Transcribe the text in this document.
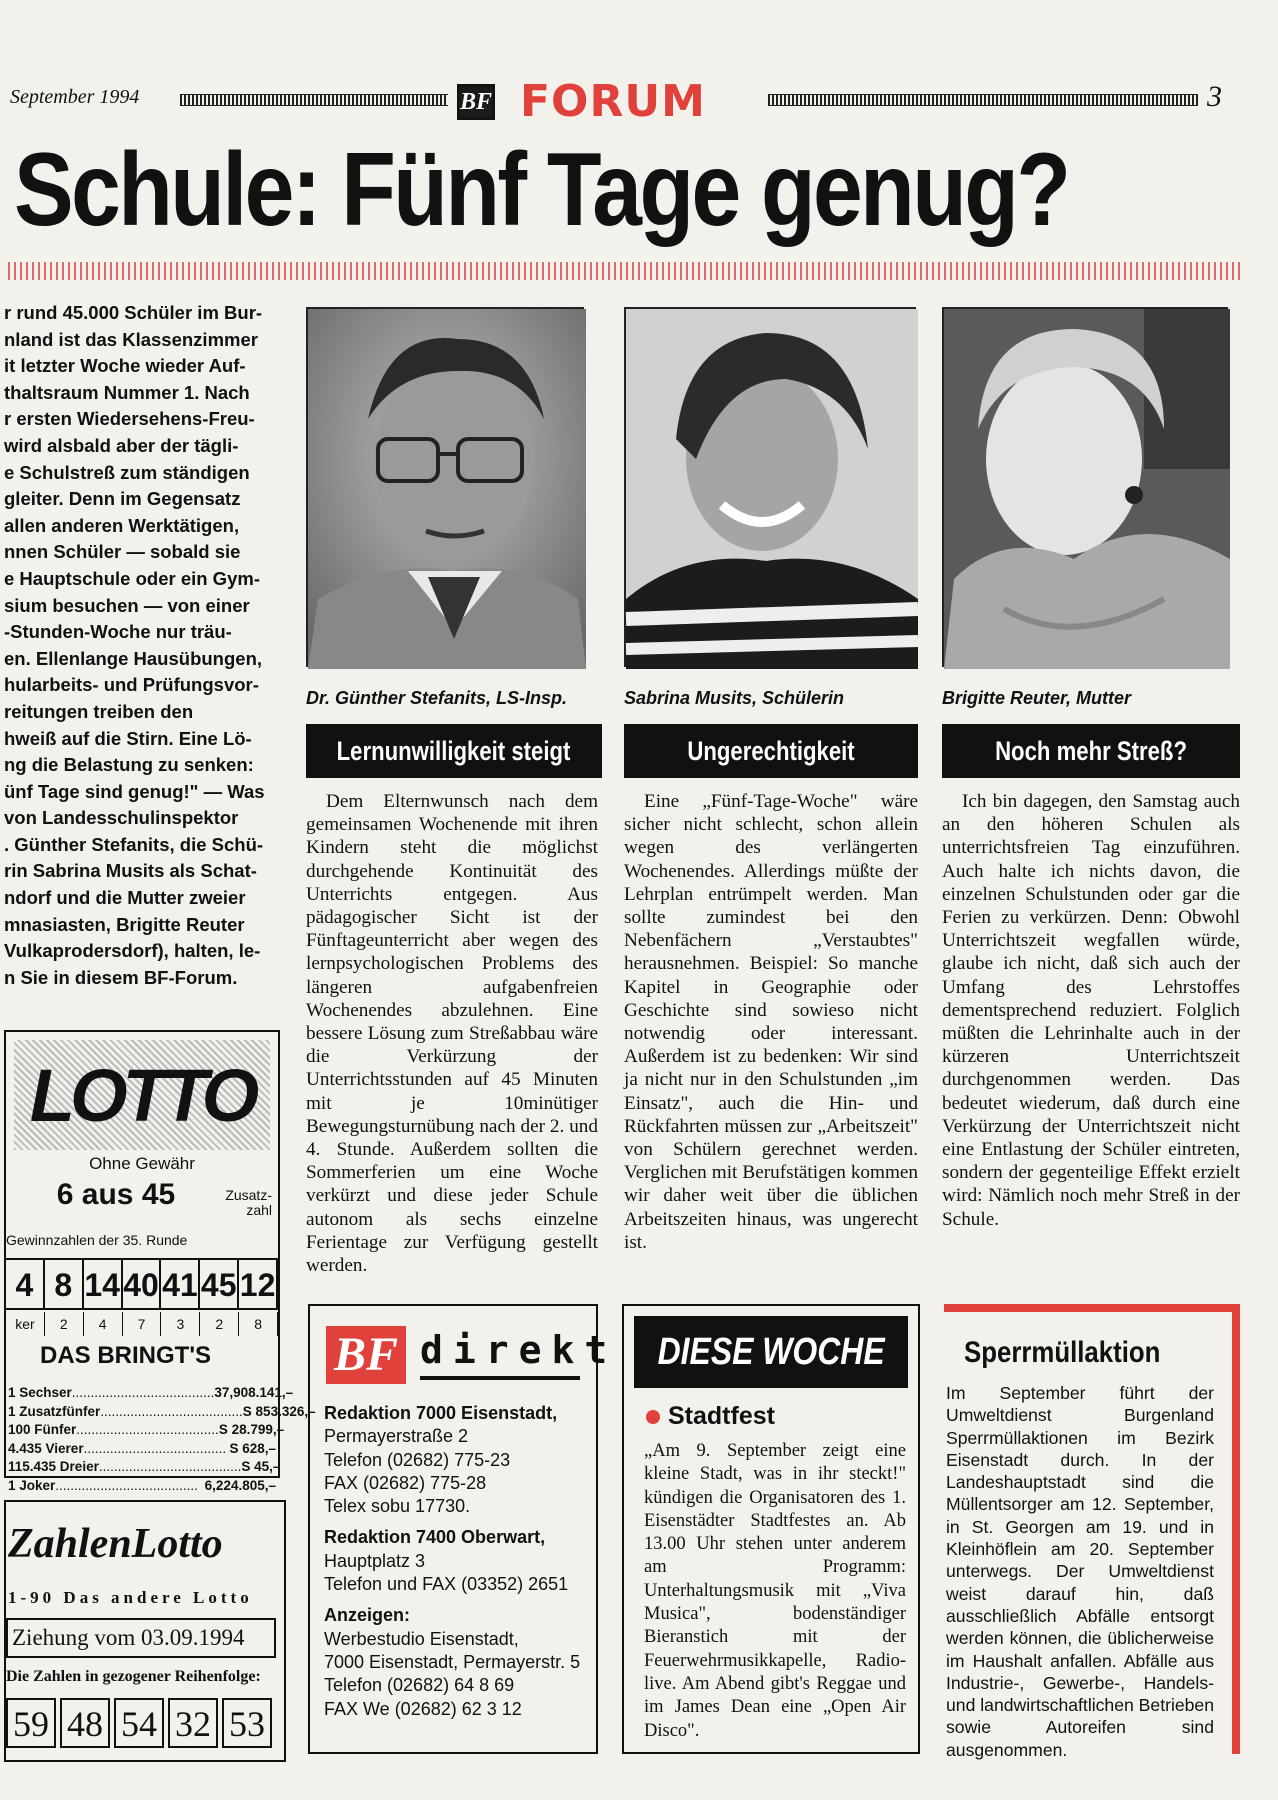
September 1994	BF FORUM	3
Schule: Fünf Tage genug?

r rund 45.000 Schüler im Bur-

nland ist das Klassenzimmer

it letzter Woche wieder Auf-

thaltsraum Nummer 1. Nach

r ersten Wiedersehens-Freu-

wird alsbald aber der tägli-

e Schulstreß zum ständigen

gleiter. Denn im Gegensatz

allen anderen Werktätigen,

nnen Schüler — sobald sie

e Hauptschule oder ein Gym-

sium besuchen — von einer

-Stunden-Woche nur träu-

en. Ellenlange Hausübungen,

hularbeits- und Prüfungsvor-

reitungen treiben den

hweiß auf die Stirn. Eine Lö-

ng die Belastung zu senken:

ünf Tage sind genug!" — Was

von Landesschulinspektor

. Günther Stefanits, die Schü-

rin Sabrina Musits als Schat-

ndorf und die Mutter zweier

mnasiasten, Brigitte Reuter

Vulkaprodersdorf), halten, le-

n Sie in diesem BF-Forum.

Dr. Günther Stefanits, LS-Insp.	Sabrina Musits, Schülerin	Brigitte Reuter, Mutter
Lernunwilligkeit steigt	Ungerechtigkeit	Noch mehr Streß?
Dem Elternwunsch nach dem gemeinsamen Wochenende mit ihren Kindern steht die möglichst durchgehende Kontinuität des Unterrichts entgegen. Aus pädagogischer Sicht ist der Fünftageunterricht aber wegen des lernpsychologischen Problems des längeren aufgabenfreien Wochenendes abzulehnen. Eine bessere Lösung zum Streßabbau wäre die Verkürzung der Unterrichtsstunden auf 45 Minuten mit je 10minütiger Bewegungsturnübung nach der 2. und 4. Stunde. Außerdem sollten die Sommerferien um eine Woche verkürzt und diese jeder Schule autonom als sechs einzelne Ferientage zur Verfügung gestellt werden.
Eine „Fünf-Tage-Woche" wäre sicher nicht schlecht, schon allein wegen des verlängerten Wochenendes. Allerdings müßte der Lehrplan entrümpelt werden. Man sollte zumindest bei den Nebenfächern „Verstaubtes" herausnehmen. Beispiel: So manche Kapitel in Geographie oder Geschichte sind sowieso nicht notwendig oder interessant. Außerdem ist zu bedenken: Wir sind ja nicht nur in den Schulstunden „im Einsatz", auch die Hin- und Rückfahrten müssen zur „Arbeitszeit" von Schülern gerechnet werden. Verglichen mit Berufstätigen kommen wir daher weit über die üblichen Arbeitszeiten hinaus, was ungerecht ist.
Ich bin dagegen, den Samstag auch an den höheren Schulen als unterrichtsfreien Tag einzuführen. Auch halte ich nichts davon, die einzelnen Schulstunden oder gar die Ferien zu verkürzen. Denn: Obwohl Unterrichtszeit wegfallen würde, glaube ich nicht, daß sich auch der Umfang des Lehrstoffes dementsprechend reduziert. Folglich müßten die Lehrinhalte auch in der kürzeren Unterrichtszeit durchgenommen werden. Das bedeutet wiederum, daß durch eine Verkürzung der Unterrichtszeit nicht eine Entlastung der Schüler eintreten, sondern der gegenteilige Effekt erzielt wird: Nämlich noch mehr Streß in der Schule.
LOTTO
Ohne Gewähr
6 aus 45	Zusatz-
zahl
Gewinnzahlen der 35. Runde
4 8 14 40 41 45 12
ker	2	4	7	3	2	8
DAS BRINGT'S
1 Sechser ...................................... 37,908.141,–
1 Zusatzfünfer ...................................... S 853.326,–
100 Fünfer ...................................... S 28.799,–
4.435 Vierer ...................................... S 628,–
115.435 Dreier ...................................... S 45,–
1 Joker ...................................... 6,224.805,–
ZahlenLotto
1-90 Das andere Lotto
Ziehung vom 03.09.1994
Die Zahlen in gezogener Reihenfolge:
59 48 54 32 53
BF direkt
Redaktion 7000 Eisenstadt,
Permayerstraße 2
Telefon (02682) 775-23
FAX (02682) 775-28
Telex sobu 17730.
Redaktion 7400 Oberwart,
Hauptplatz 3
Telefon und FAX (03352) 2651
Anzeigen:
Werbestudio Eisenstadt,
7000 Eisenstadt, Permayerstr. 5
Telefon (02682) 64 8 69
FAX We (02682) 62 3 12
DIESE WOCHE
Stadtfest
„Am 9. September zeigt eine kleine Stadt, was in ihr steckt!" kündigen die Organisatoren des 1. Eisenstädter Stadtfestes an. Ab 13.00 Uhr stehen unter anderem am Programm: Unterhaltungsmusik mit „Viva Musica", bodenständiger Bieranstich mit der Feuerwehrmusikkapelle, Radio-live. Am Abend gibt's Reggae und im James Dean eine „Open Air Disco".
Sperrmüllaktion
Im September führt der Umweltdienst Burgenland Sperrmüllaktionen im Bezirk Eisenstadt durch. In der Landeshauptstadt sind die Müllentsorger am 12. September, in St. Georgen am 19. und in Kleinhöflein am 20. September unterwegs. Der Umweltdienst weist darauf hin, daß ausschließlich Abfälle entsorgt werden können, die üblicherweise im Haushalt anfallen. Abfälle aus Industrie-, Gewerbe-, Handels- und landwirtschaftlichen Betrieben sowie Autoreifen sind ausgenommen.
